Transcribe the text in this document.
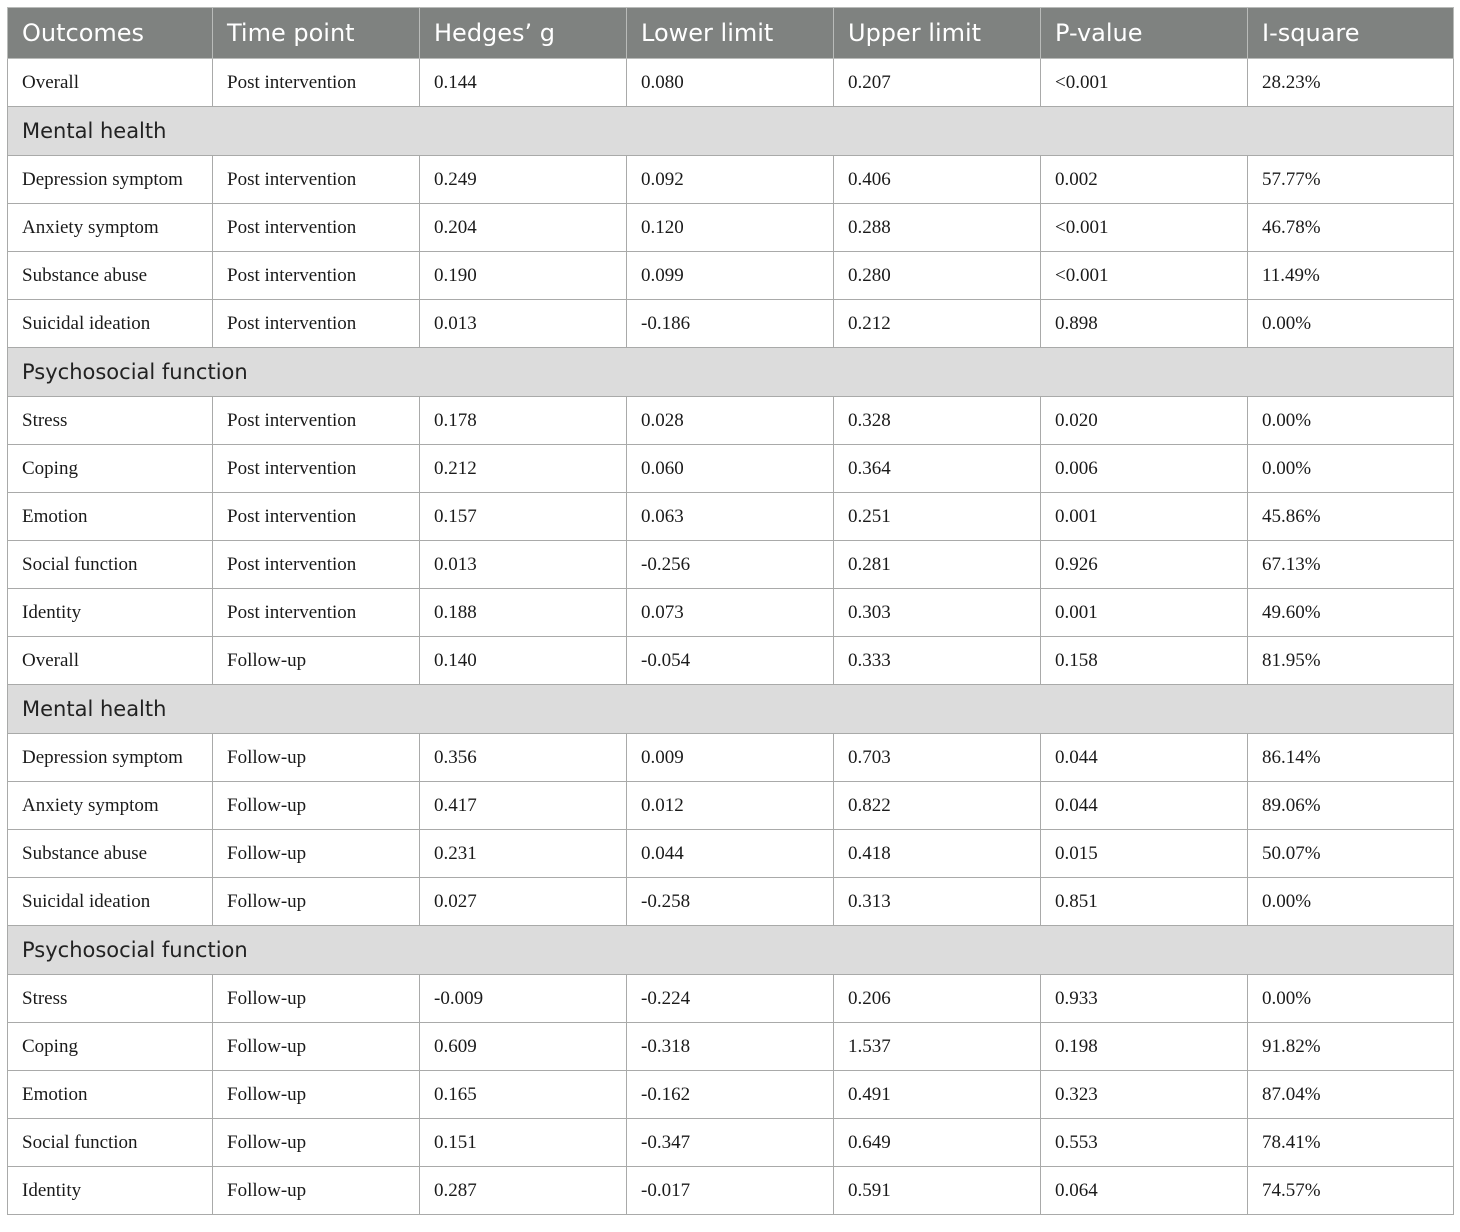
Outcomes	Time point	Hedges’ g	Lower limit	Upper limit	P-value	I-square
Overall	Post intervention	0.144	0.080	0.207	<0.001	28.23%
Mental health						
Depression symptom	Post intervention	0.249	0.092	0.406	0.002	57.77%
Anxiety symptom	Post intervention	0.204	0.120	0.288	<0.001	46.78%
Substance abuse	Post intervention	0.190	0.099	0.280	<0.001	11.49%
Suicidal ideation	Post intervention	0.013	-0.186	0.212	0.898	0.00%
Psychosocial function						
Stress	Post intervention	0.178	0.028	0.328	0.020	0.00%
Coping	Post intervention	0.212	0.060	0.364	0.006	0.00%
Emotion	Post intervention	0.157	0.063	0.251	0.001	45.86%
Social function	Post intervention	0.013	-0.256	0.281	0.926	67.13%
Identity	Post intervention	0.188	0.073	0.303	0.001	49.60%
Overall	Follow-up	0.140	-0.054	0.333	0.158	81.95%
Mental health						
Depression symptom	Follow-up	0.356	0.009	0.703	0.044	86.14%
Anxiety symptom	Follow-up	0.417	0.012	0.822	0.044	89.06%
Substance abuse	Follow-up	0.231	0.044	0.418	0.015	50.07%
Suicidal ideation	Follow-up	0.027	-0.258	0.313	0.851	0.00%
Psychosocial function						
Stress	Follow-up	-0.009	-0.224	0.206	0.933	0.00%
Coping	Follow-up	0.609	-0.318	1.537	0.198	91.82%
Emotion	Follow-up	0.165	-0.162	0.491	0.323	87.04%
Social function	Follow-up	0.151	-0.347	0.649	0.553	78.41%
Identity	Follow-up	0.287	-0.017	0.591	0.064	74.57%
